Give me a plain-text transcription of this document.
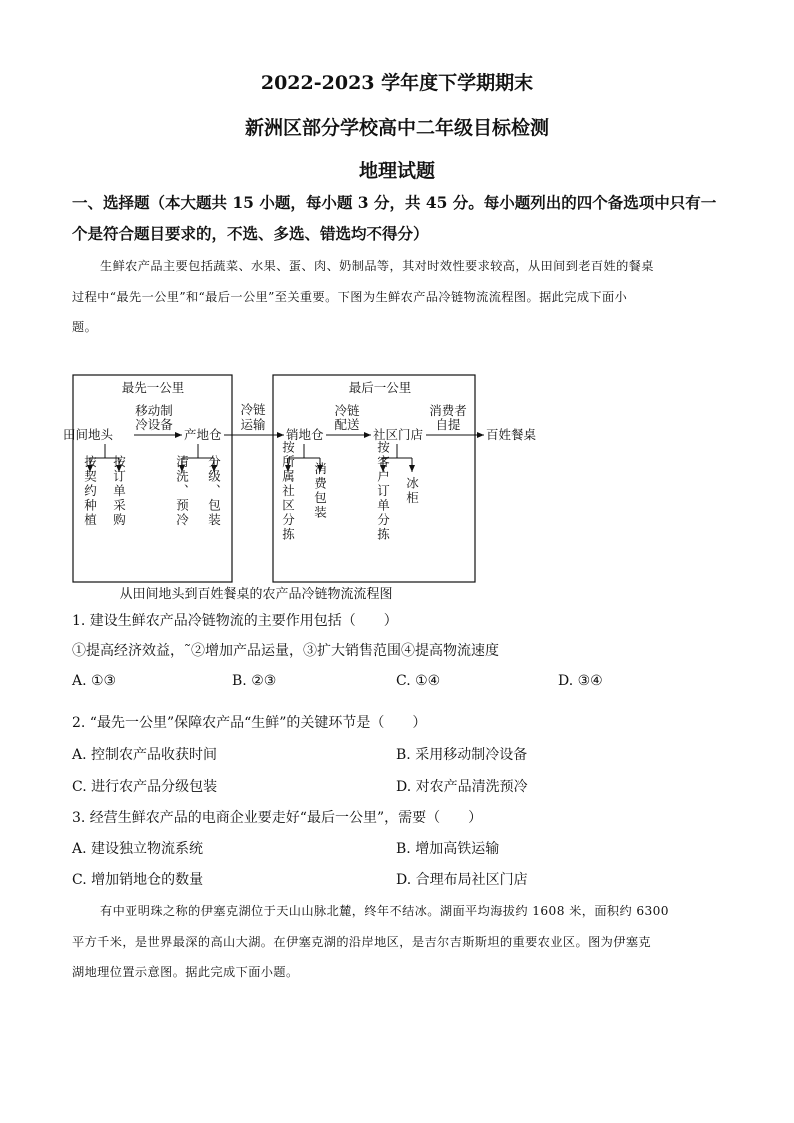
2022-2023 学年度下学期期末
新洲区部分学校高中二年级目标检测
地理试题
一、选择题（本大题共 15 小题，每小题 3 分，共 45 分。每小题列出的四个备选项中只有一
个是符合题目要求的，不选、多选、错选均不得分）
生鲜农产品主要包括蔬菜、水果、蛋、肉、奶制品等，其对时效性要求较高，从田间到老百姓的餐桌
过程中“最先一公里”和“最后一公里”至关重要。下图为生鲜农产品冷链物流流程图。据此完成下面小
题。
最先一公里	最后一公里
田间地头
移动制
冷设备
产地仓
冷链
运输
销地仓
冷链
配送
社区门店
消费者
自提
百姓餐桌
按契约种植 按订单采购	清洗、预冷 分级、包装	按所属社区分拣 消费包装	按客户订单分拣 冰柜
从田间地头到百姓餐桌的农产品冷链物流流程图
1. 建设生鲜农产品冷链物流的主要作用包括（　　）
①提高经济效益，˜②增加产品运量，③扩大销售范围④提高物流速度
A. ①③	B. ②③	C. ①④	D. ③④
2. “最先一公里”保障农产品“生鲜”的关键环节是（　　）
A. 控制农产品收获时间	B. 采用移动制冷设备
C. 进行农产品分级包装	D. 对农产品清洗预冷
3. 经营生鲜农产品的电商企业要走好“最后一公里”，需要（　　）
A. 建设独立物流系统	B. 增加高铁运输
C. 增加销地仓的数量	D. 合理布局社区门店
有中亚明珠之称的伊塞克湖位于天山山脉北麓，终年不结冰。湖面平均海拔约 1608 米，面积约 6300
平方千米，是世界最深的高山大湖。在伊塞克湖的沿岸地区，是吉尔吉斯斯坦的重要农业区。图为伊塞克
湖地理位置示意图。据此完成下面小题。
